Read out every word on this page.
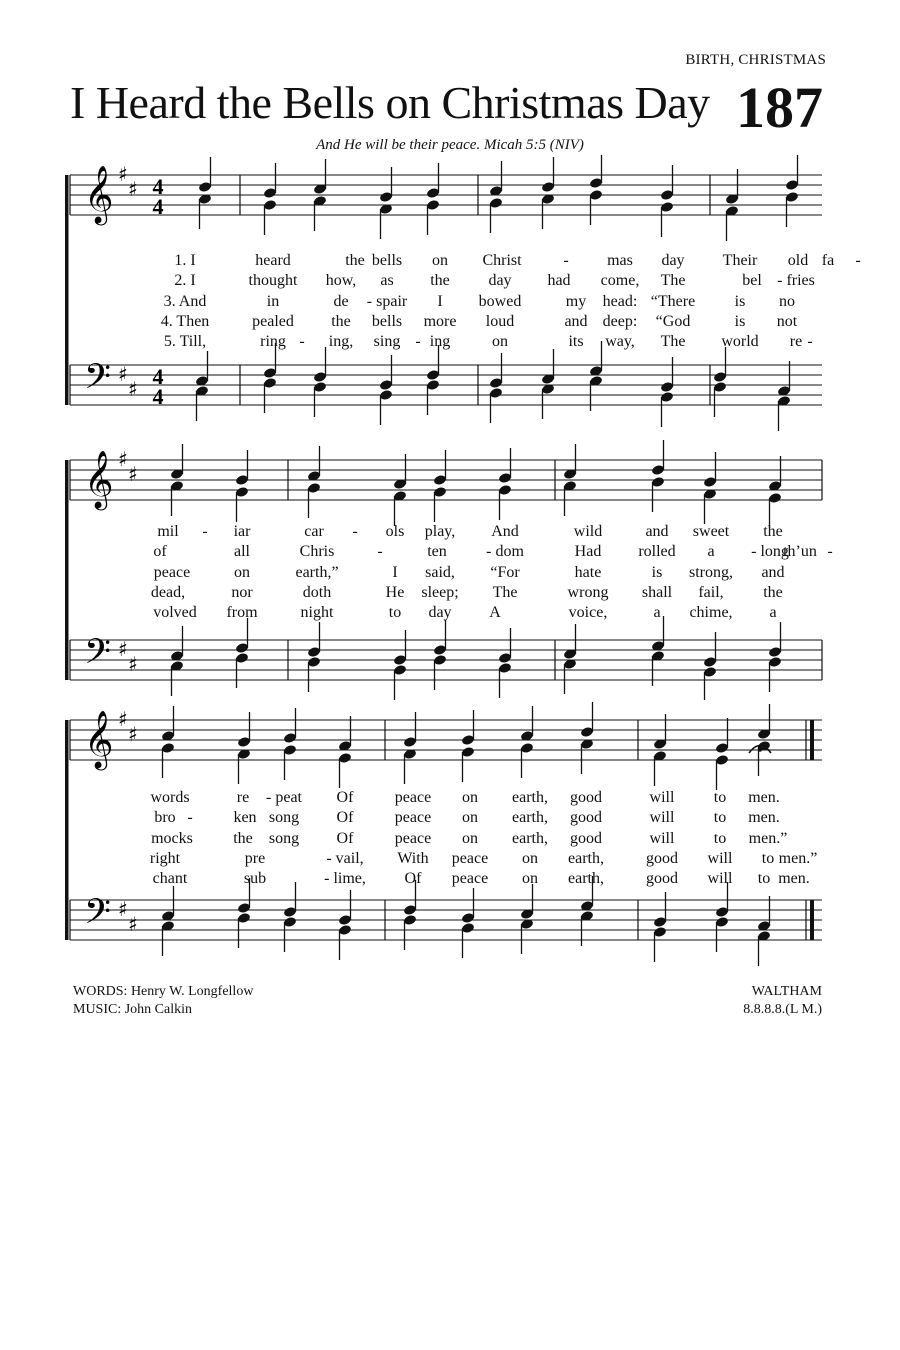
BIRTH, CHRISTMAS
I Heard the Bells on Christmas Day 187
And He will be their peace. Micah 5:5 (NIV)
𝄞 ♯
♯ 4
4
𝄢 ♯
♯ 4
4
1. I	heard	the bells on Christ	- mas day Their old fa -
2. I	thought how, as the day had come, The	bel - fries
3. And	in	de - spair I bowed	my head: “There is no
4. Then	pealed the bells more loud	and deep: “God	is not
5. Till,	ring - ing, sing - ing	on	its way, The world re -
𝄞 ♯
♯
𝄢 ♯
♯
mil - iar	car - ols play, And	wild	and sweet the
of	all	Chris	-	ten - dom	Had rolled a - long
th’un -
peace	on	earth,”	I said, “For	hate	is strong, and
dead,	nor	doth	He sleep; The	wrong shall fail, the
volved from	night	to day A	voice,	a chime, a
𝄞 ♯
♯
𝄢 ♯
♯
words	re - peat Of	peace on earth, good	will to men.
bro -	ken song Of	peace on earth, good	will to men.
mocks	the song Of	peace on earth, good	will to men.”
right	pre	- vail, With peace on earth,	good will to men.”
chant	sub	- lime, Of peace on earth,	good will to men.
WORDS: Henry W. Longfellow
MUSIC: John Calkin
WALTHAM
8.8.8.8.(L M.)
